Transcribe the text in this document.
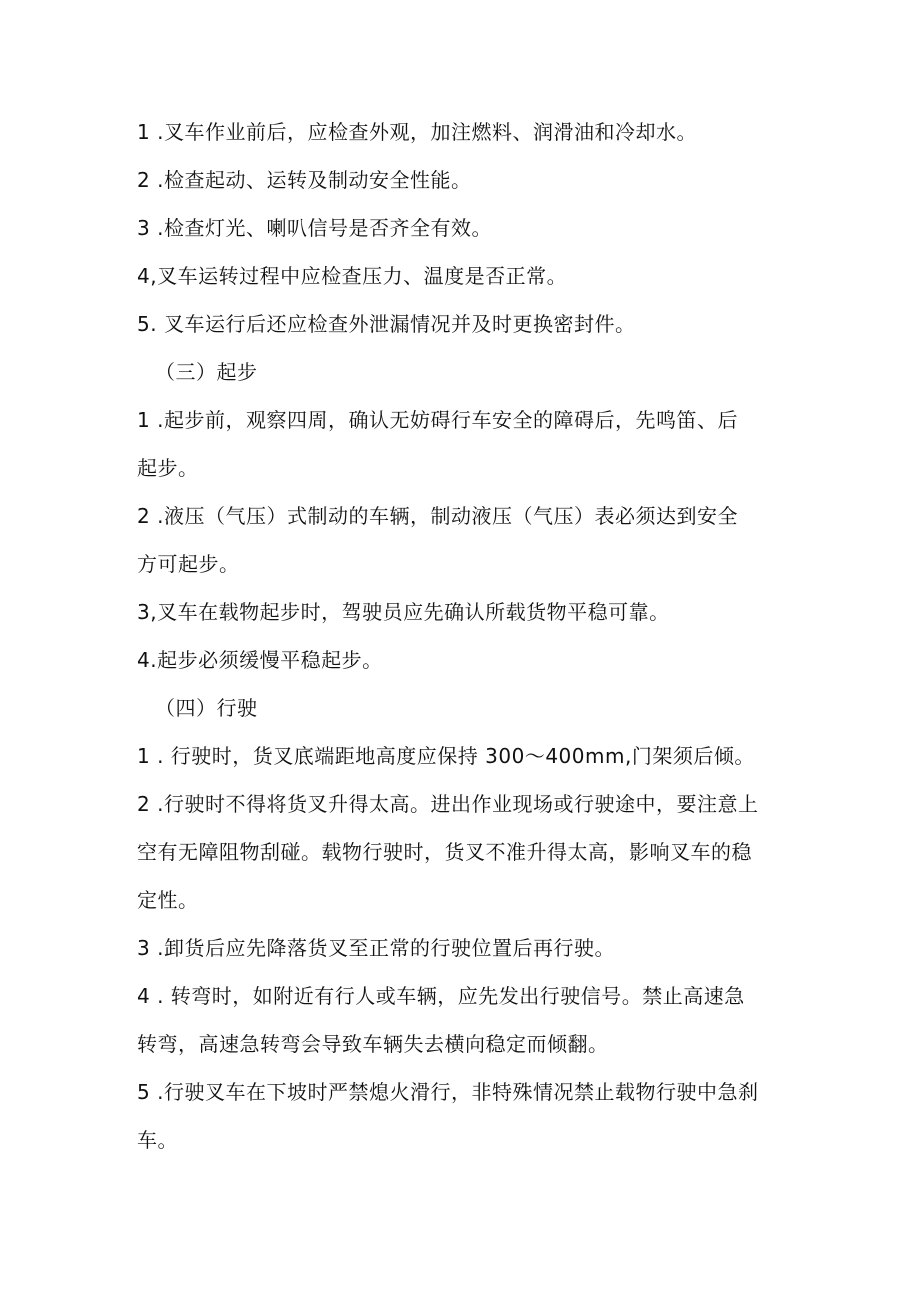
1 .叉车作业前后，应检查外观，加注燃料、润滑油和冷却水。

2 .检查起动、运转及制动安全性能。

3 .检查灯光、喇叭信号是否齐全有效。

4,叉车运转过程中应检查压力、温度是否正常。

5. 叉车运行后还应检查外泄漏情况并及时更换密封件。

（三）起步

1 .起步前，观察四周，确认无妨碍行车安全的障碍后，先鸣笛、后
起步。

2 .液压（气压）式制动的车辆，制动液压（气压）表必须达到安全
方可起步。

3,叉车在载物起步时，驾驶员应先确认所载货物平稳可靠。

4.起步必须缓慢平稳起步。

（四）行驶

1 . 行驶时，货叉底端距地高度应保持 300～400mm,门架须后倾。

2 .行驶时不得将货叉升得太高。进出作业现场或行驶途中，要注意上
空有无障阻物刮碰。载物行驶时，货叉不准升得太高，影响叉车的稳
定性。

3 .卸货后应先降落货叉至正常的行驶位置后再行驶。

4 . 转弯时，如附近有行人或车辆，应先发出行驶信号。禁止高速急
转弯，高速急转弯会导致车辆失去横向稳定而倾翻。

5 .行驶叉车在下坡时严禁熄火滑行，非特殊情况禁止载物行驶中急刹
车。
